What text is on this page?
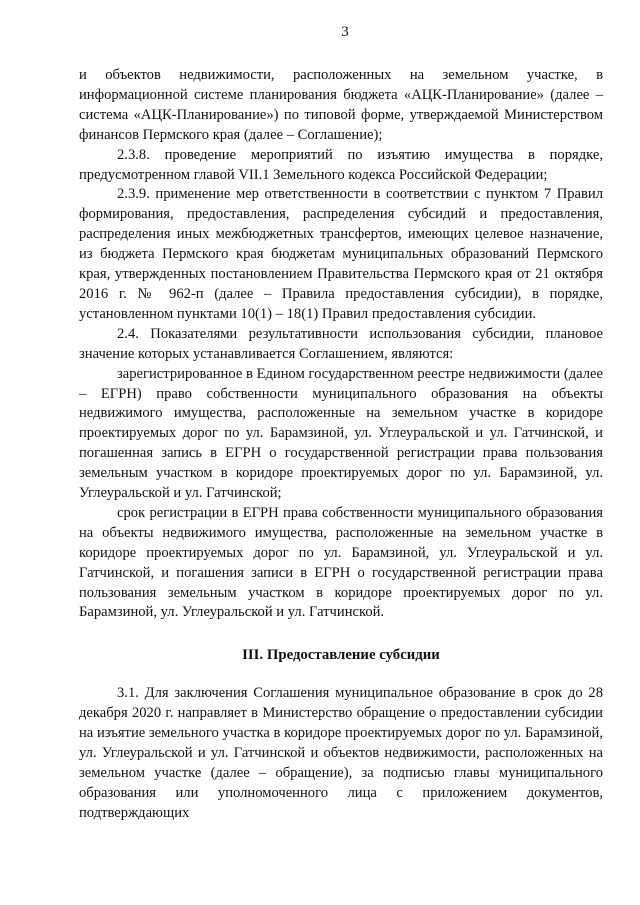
3

и объектов недвижимости, расположенных на земельном участке, в информационной системе планирования бюджета «АЦК-Планирование» (далее – система «АЦК-Планирование») по типовой форме, утверждаемой Министерством финансов Пермского края (далее – Соглашение);

2.3.8. проведение мероприятий по изъятию имущества в порядке, предусмотренном главой VII.1 Земельного кодекса Российской Федерации;

2.3.9. применение мер ответственности в соответствии с пунктом 7 Правил формирования, предоставления, распределения субсидий и предоставления, распределения иных межбюджетных трансфертов, имеющих целевое назначение, из бюджета Пермского края бюджетам муниципальных образований Пермского края, утвержденных постановлением Правительства Пермского края от 21 октября 2016 г. № 962-п (далее – Правила предоставления субсидии), в порядке, установленном пунктами 10(1) – 18(1) Правил предоставления субсидии.

2.4. Показателями результативности использования субсидии, плановое значение которых устанавливается Соглашением, являются:

зарегистрированное в Едином государственном реестре недвижимости (далее – ЕГРН) право собственности муниципального образования на объекты недвижимого имущества, расположенные на земельном участке в коридоре проектируемых дорог по ул. Барамзиной, ул. Углеуральской и ул. Гатчинской, и погашенная запись в ЕГРН о государственной регистрации права пользования земельным участком в коридоре проектируемых дорог по ул. Барамзиной, ул. Углеуральской и ул. Гатчинской;

срок регистрации в ЕГРН права собственности муниципального образования на объекты недвижимого имущества, расположенные на земельном участке в коридоре проектируемых дорог по ул. Барамзиной, ул. Углеуральской и ул. Гатчинской, и погашения записи в ЕГРН о государственной регистрации права пользования земельным участком в коридоре проектируемых дорог по ул. Барамзиной, ул. Углеуральской и ул. Гатчинской.

III. Предоставление субсидии

3.1. Для заключения Соглашения муниципальное образование в срок до 28 декабря 2020 г. направляет в Министерство обращение о предоставлении субсидии на изъятие земельного участка в коридоре проектируемых дорог по ул. Барамзиной, ул. Углеуральской и ул. Гатчинской и объектов недвижимости, расположенных на земельном участке (далее – обращение), за подписью главы муниципального образования или уполномоченного лица с приложением документов, подтверждающих
